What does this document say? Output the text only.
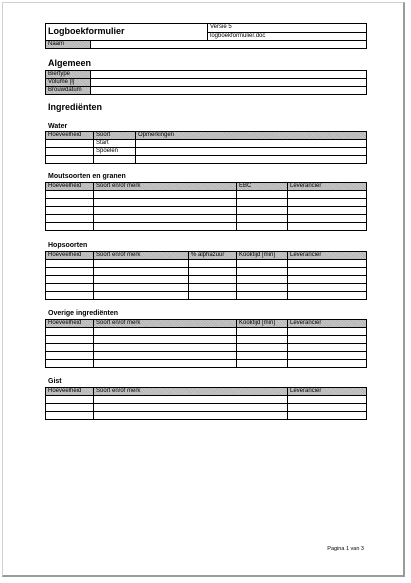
Logboekformulier	Versie 5
logboekformulier.doc
Naam	
Algemeen
Biertype	
Volume [l]	
Brouwdatum	
Ingrediënten
Water
Hoeveelheid	Soort	Opmerkingen
	Start	
	Spoelen	

Moutsoorten en granen
Hoeveelheid	Soort en/of merk	EBC	Leverancier

Hopsoorten
Hoeveelheid	Soort en/of merk	% alphazuur	Kooktijd [min]	Leverancier

Overige ingrediënten
Hoeveelheid	Soort en/of merk	Kooktijd [min]	Leverancier

Gist
Hoeveelheid	Soort en/of merk	Leverancier

Pagina 1 van 3
